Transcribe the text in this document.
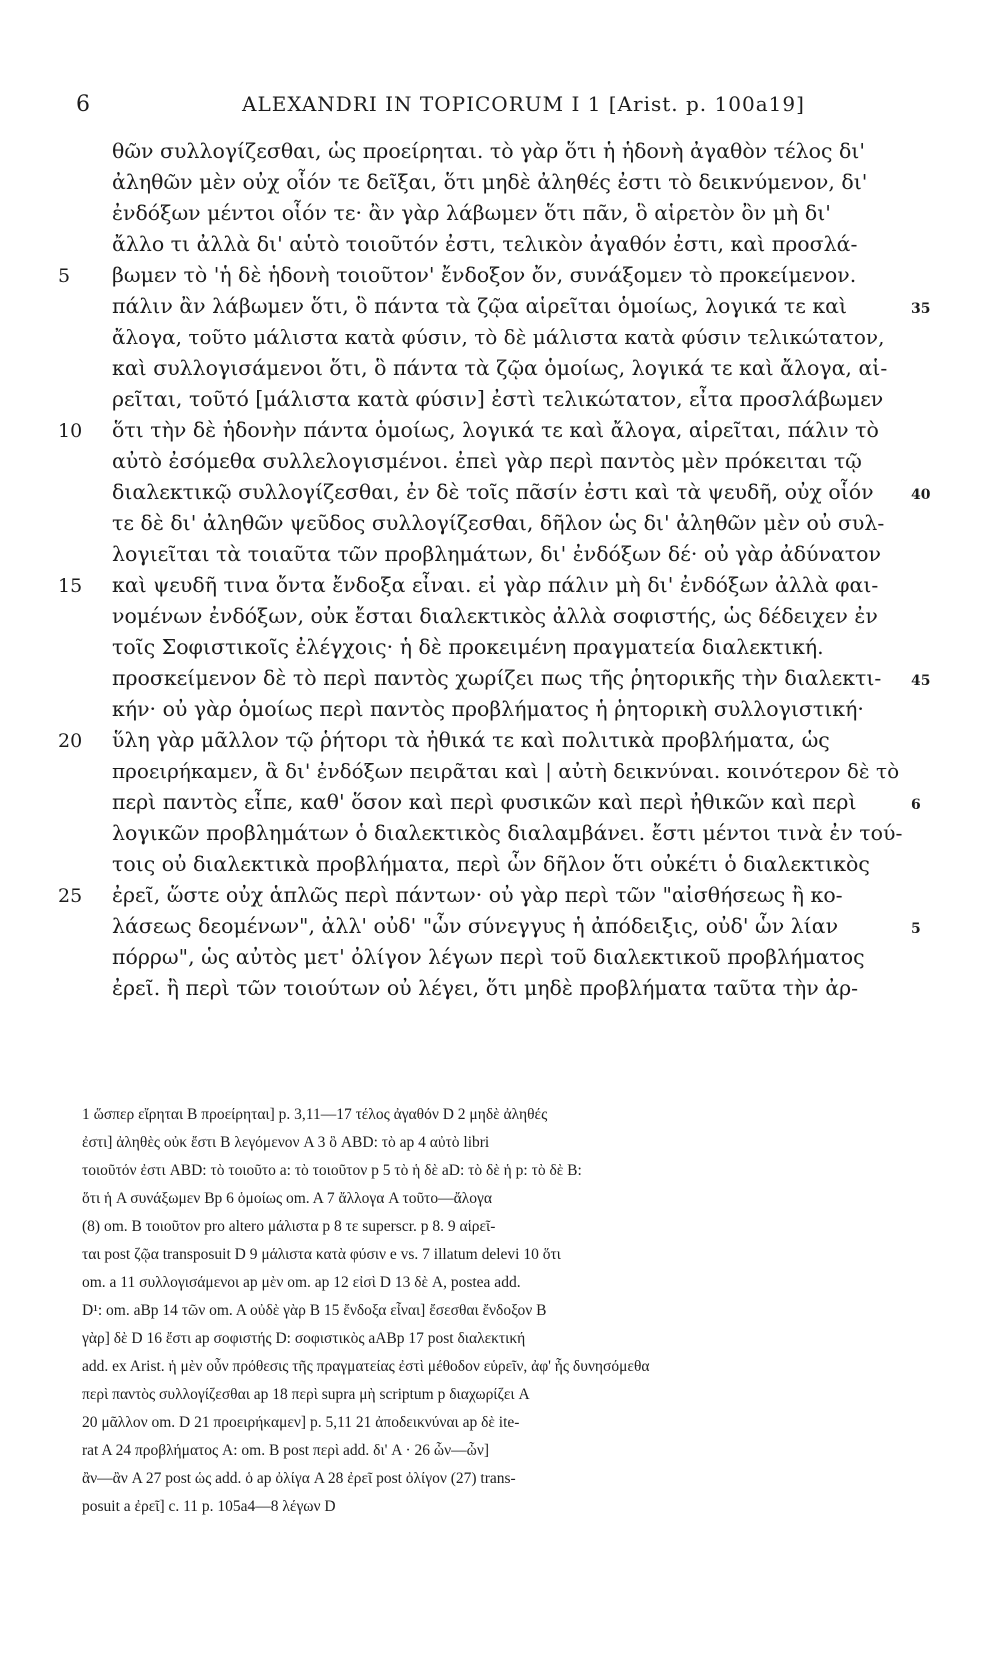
6	ALEXANDRI IN TOPICORUM I 1 [Arist. p. 100a19]
θῶν συλλογίζεσθαι, ὡς προείρηται. τὸ γὰρ ὅτι ἡ ἡδονὴ ἀγαθὸν τέλος δι'
ἀληθῶν μὲν οὐχ οἷόν τε δεῖξαι, ὅτι μηδὲ ἀληθές ἐστι τὸ δεικνύμενον, δι'
ἐνδόξων μέντοι οἷόν τε· ἂν γὰρ λάβωμεν ὅτι πᾶν, ὃ αἱρετὸν ὂν μὴ δι'
ἄλλο τι ἀλλὰ δι' αὑτὸ τοιοῦτόν ἐστι, τελικὸν ἀγαθόν ἐστι, καὶ προσλά-
βωμεν τὸ 'ἡ δὲ ἡδονὴ τοιοῦτον' ἔνδοξον ὄν, συνάξομεν τὸ προκείμενον.
πάλιν ἂν λάβωμεν ὅτι, ὃ πάντα τὰ ζῷα αἱρεῖται ὁμοίως, λογικά τε καὶ
ἄλογα, τοῦτο μάλιστα κατὰ φύσιν, τὸ δὲ μάλιστα κατὰ φύσιν τελικώτατον,
καὶ συλλογισάμενοι ὅτι, ὃ πάντα τὰ ζῷα ὁμοίως, λογικά τε καὶ ἄλογα, αἱ-
ρεῖται, τοῦτό [μάλιστα κατὰ φύσιν] ἐστὶ τελικώτατον, εἶτα προσλάβωμεν
ὅτι τὴν δὲ ἡδονὴν πάντα ὁμοίως, λογικά τε καὶ ἄλογα, αἱρεῖται, πάλιν τὸ
αὐτὸ ἐσόμεθα συλλελογισμένοι. ἐπεὶ γὰρ περὶ παντὸς μὲν πρόκειται τῷ
διαλεκτικῷ συλλογίζεσθαι, ἐν δὲ τοῖς πᾶσίν ἐστι καὶ τὰ ψευδῆ, οὐχ οἷόν
τε δὲ δι' ἀληθῶν ψεῦδος συλλογίζεσθαι, δῆλον ὡς δι' ἀληθῶν μὲν οὐ συλ-
λογιεῖται τὰ τοιαῦτα τῶν προβλημάτων, δι' ἐνδόξων δέ· οὐ γὰρ ἀδύνατον
καὶ ψευδῆ τινα ὄντα ἔνδοξα εἶναι. εἰ γὰρ πάλιν μὴ δι' ἐνδόξων ἀλλὰ φαι-
νομένων ἐνδόξων, οὐκ ἔσται διαλεκτικὸς ἀλλὰ σοφιστής, ὡς δέδειχεν ἐν
τοῖς Σοφιστικοῖς ἐλέγχοις· ἡ δὲ προκειμένη πραγματεία διαλεκτική.
προσκείμενον δὲ τὸ περὶ παντὸς χωρίζει πως τῆς ῥητορικῆς τὴν διαλεκτι-
κήν· οὐ γὰρ ὁμοίως περὶ παντὸς προβλήματος ἡ ῥητορικὴ συλλογιστική·
ὕλη γὰρ μᾶλλον τῷ ῥήτορι τὰ ἠθικά τε καὶ πολιτικὰ προβλήματα, ὡς
προειρήκαμεν, ἃ δι' ἐνδόξων πειρᾶται καὶ | αὐτὴ δεικνύναι. κοινότερον δὲ τὸ
περὶ παντὸς εἶπε, καθ' ὅσον καὶ περὶ φυσικῶν καὶ περὶ ἠθικῶν καὶ περὶ
λογικῶν προβλημάτων ὁ διαλεκτικὸς διαλαμβάνει. ἔστι μέντοι τινὰ ἐν τού-
τοις οὐ διαλεκτικὰ προβλήματα, περὶ ὧν δῆλον ὅτι οὐκέτι ὁ διαλεκτικὸς
ἐρεῖ, ὥστε οὐχ ἁπλῶς περὶ πάντων· οὐ γὰρ περὶ τῶν "αἰσθήσεως ἢ κο-
λάσεως δεομένων", ἀλλ' οὐδ' "ὧν σύνεγγυς ἡ ἀπόδειξις, οὐδ' ὧν λίαν
πόρρω", ὡς αὐτὸς μετ' ὀλίγον λέγων περὶ τοῦ διαλεκτικοῦ προβλήματος
ἐρεῖ. ἢ περὶ τῶν τοιούτων οὐ λέγει, ὅτι μηδὲ προβλήματα ταῦτα τὴν ἀρ-
5
10
15
20
25
35
40
45
6
5
1 ὥσπερ εἴρηται B προείρηται] p. 3,11—17 τέλος ἀγαθόν D 2 μηδὲ ἀληθές
ἐστι] ἀληθὲς οὐκ ἔστι B λεγόμενον A 3 ὃ ABD: τὸ ap 4 αὐτὸ libri
τοιοῦτόν ἐστι ABD: τὸ τοιοῦτο a: τὸ τοιοῦτον p 5 τὸ ἡ δὲ aD: τὸ δὲ ἡ p: τὸ δὲ B:
ὅτι ἡ A συνάξωμεν Bp 6 ὁμοίως om. A 7 ἄλλογα A τοῦτο—ἄλογα
(8) om. B τοιοῦτον pro altero μάλιστα p 8 τε superscr. p 8. 9 αἱρεῖ-
ται post ζῷα transposuit D 9 μάλιστα κατὰ φύσιν e vs. 7 illatum delevi 10 ὅτι
om. a 11 συλλογισάμενοι ap μὲν om. ap 12 εἰσὶ D 13 δὲ A, postea add.
D¹: om. aBp 14 τῶν om. A οὐδὲ γὰρ B 15 ἔνδοξα εἶναι] ἔσεσθαι ἔνδοξον B
γὰρ] δὲ D 16 ἔστι ap σοφιστής D: σοφιστικὸς aABp 17 post διαλεκτική
add. ex Arist. ἡ μὲν οὖν πρόθεσις τῆς πραγματείας ἐστὶ μέθοδον εὑρεῖν, ἀφ' ἧς δυνησόμεθα
περὶ παντὸς συλλογίζεσθαι ap 18 περὶ supra μὴ scriptum p διαχωρίζει A
20 μᾶλλον om. D 21 προειρήκαμεν] p. 5,11 21 ἀποδεικνύναι ap δὲ ite-
rat A 24 προβλήματος A: om. B post περὶ add. δι' A · 26 ὧν—ὧν]
ἂν—ἂν A 27 post ὡς add. ὁ ap ὀλίγα A 28 ἐρεῖ post ὀλίγον (27) trans-
posuit a ἐρεῖ] c. 11 p. 105a4—8 λέγων D
